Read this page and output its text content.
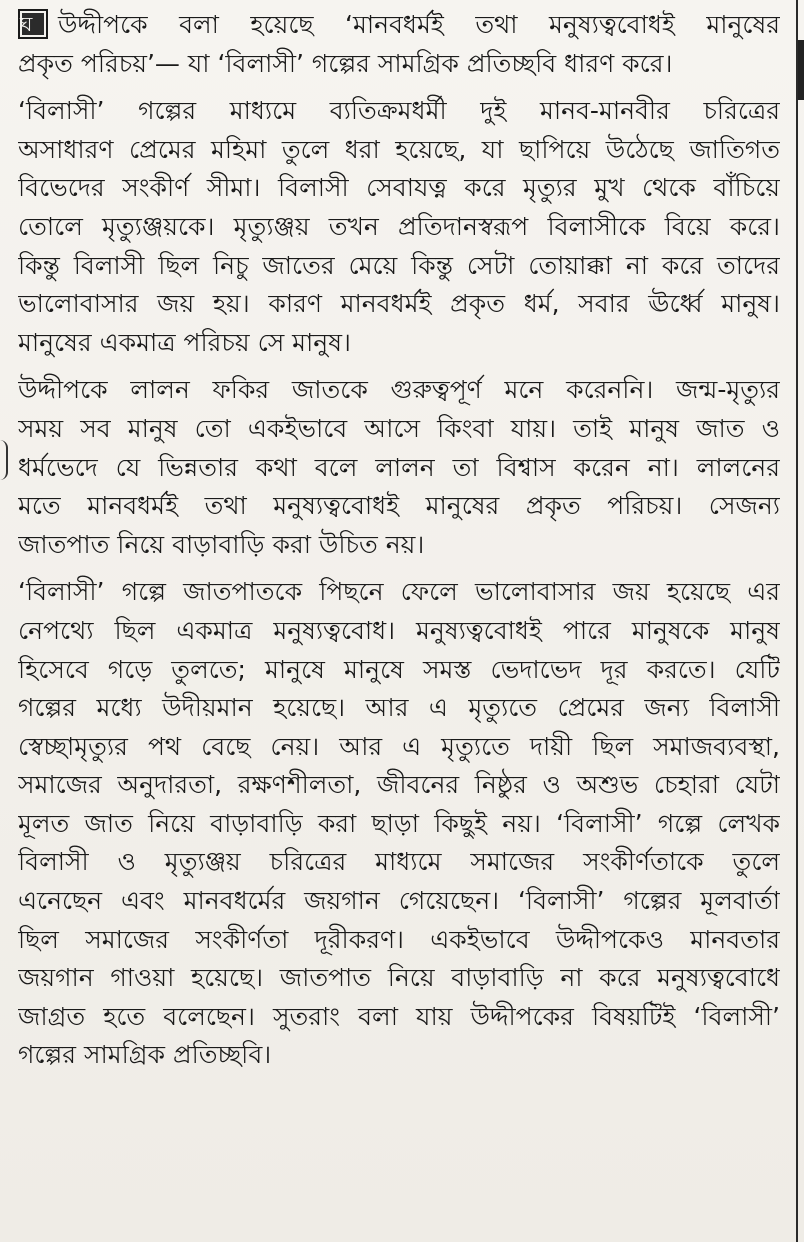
ঘ উদ্দীপকে বলা হয়েছে ‘মানবধর্মই তথা মনুষ্যত্ববোধই মানুষের
প্রকৃত পরিচয়’— যা ‘বিলাসী’ গল্পের সামগ্রিক প্রতিচ্ছবি ধারণ করে।

‘বিলাসী’ গল্পের মাধ্যমে ব্যতিক্রমধর্মী দুই মানব-মানবীর চরিত্রের
অসাধারণ প্রেমের মহিমা তুলে ধরা হয়েছে, যা ছাপিয়ে উঠেছে জাতিগত
বিভেদের সংকীর্ণ সীমা। বিলাসী সেবাযত্ন করে মৃত্যুর মুখ থেকে বাঁচিয়ে
তোলে মৃত্যুঞ্জয়কে। মৃত্যুঞ্জয় তখন প্রতিদানস্বরূপ বিলাসীকে বিয়ে করে।
কিন্তু বিলাসী ছিল নিচু জাতের মেয়ে কিন্তু সেটা তোয়াক্কা না করে তাদের
ভালোবাসার জয় হয়। কারণ মানবধর্মই প্রকৃত ধর্ম, সবার ঊর্ধ্বে মানুষ।
মানুষের একমাত্র পরিচয় সে মানুষ।

উদ্দীপকে লালন ফকির জাতকে গুরুত্বপূর্ণ মনে করেননি। জন্ম-মৃত্যুর
সময় সব মানুষ তো একইভাবে আসে কিংবা যায়। তাই মানুষ জাত ও
ধর্মভেদে যে ভিন্নতার কথা বলে লালন তা বিশ্বাস করেন না। লালনের
মতে মানবধর্মই তথা মনুষ্যত্ববোধই মানুষের প্রকৃত পরিচয়। সেজন্য
জাতপাত নিয়ে বাড়াবাড়ি করা উচিত নয়।

‘বিলাসী’ গল্পে জাতপাতকে পিছনে ফেলে ভালোবাসার জয় হয়েছে এর
নেপথ্যে ছিল একমাত্র মনুষ্যত্ববোধ। মনুষ্যত্ববোধই পারে মানুষকে মানুষ
হিসেবে গড়ে তুলতে; মানুষে মানুষে সমস্ত ভেদাভেদ দূর করতে। যেটি
গল্পের মধ্যে উদীয়মান হয়েছে। আর এ মৃত্যুতে প্রেমের জন্য বিলাসী
স্বেচ্ছামৃত্যুর পথ বেছে নেয়। আর এ মৃত্যুতে দায়ী ছিল সমাজব্যবস্থা,
সমাজের অনুদারতা, রক্ষণশীলতা, জীবনের নিষ্ঠুর ও অশুভ চেহারা যেটা
মূলত জাত নিয়ে বাড়াবাড়ি করা ছাড়া কিছুই নয়। ‘বিলাসী’ গল্পে লেখক
বিলাসী ও মৃত্যুঞ্জয় চরিত্রের মাধ্যমে সমাজের সংকীর্ণতাকে তুলে
এনেছেন এবং মানবধর্মের জয়গান গেয়েছেন। ‘বিলাসী’ গল্পের মূলবার্তা
ছিল সমাজের সংকীর্ণতা দূরীকরণ। একইভাবে উদ্দীপকেও মানবতার
জয়গান গাওয়া হয়েছে। জাতপাত নিয়ে বাড়াবাড়ি না করে মনুষ্যত্ববোধে
জাগ্রত হতে বলেছেন। সুতরাং বলা যায় উদ্দীপকের বিষয়টিই ‘বিলাসী’
গল্পের সামগ্রিক প্রতিচ্ছবি।
